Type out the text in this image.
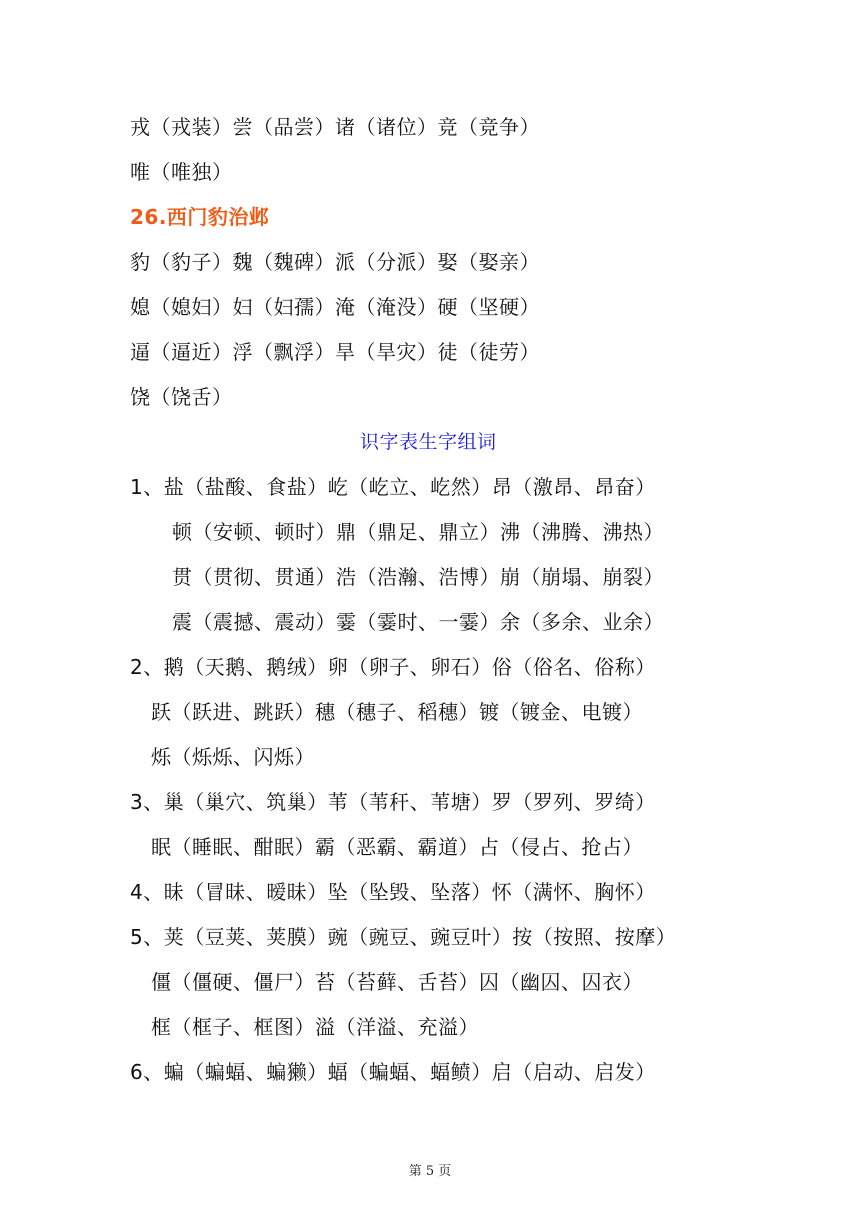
戎（戎装）尝（品尝）诸（诸位）竞（竞争）
唯（唯独）
26.西门豹治邺
豹（豹子）魏（魏碑）派（分派）娶（娶亲）
媳（媳妇）妇（妇孺）淹（淹没）硬（坚硬）
逼（逼近）浮（飘浮）旱（旱灾）徒（徒劳）
饶（饶舌）
识字表生字组词
1、盐（盐酸、食盐）屹（屹立、屹然）昂（激昂、昂奋）
顿（安顿、顿时）鼎（鼎足、鼎立）沸（沸腾、沸热）
贯（贯彻、贯通）浩（浩瀚、浩博）崩（崩塌、崩裂）
震（震撼、震动）霎（霎时、一霎）余（多余、业余）
2、鹅（天鹅、鹅绒）卵（卵子、卵石）俗（俗名、俗称）
跃（跃进、跳跃）穗（穗子、稻穗）镀（镀金、电镀）
烁（烁烁、闪烁）
3、巢（巢穴、筑巢）苇（苇秆、苇塘）罗（罗列、罗绮）
眠（睡眠、酣眠）霸（恶霸、霸道）占（侵占、抢占）
4、昧（冒昧、暧昧）坠（坠毁、坠落）怀（满怀、胸怀）
5、荚（豆荚、荚膜）豌（豌豆、豌豆叶）按（按照、按摩）
僵（僵硬、僵尸）苔（苔藓、舌苔）囚（幽囚、囚衣）
框（框子、框图）溢（洋溢、充溢）
6、蝙（蝙蝠、蝙獭）蝠（蝙蝠、蝠鲼）启（启动、启发）
第 5 页
